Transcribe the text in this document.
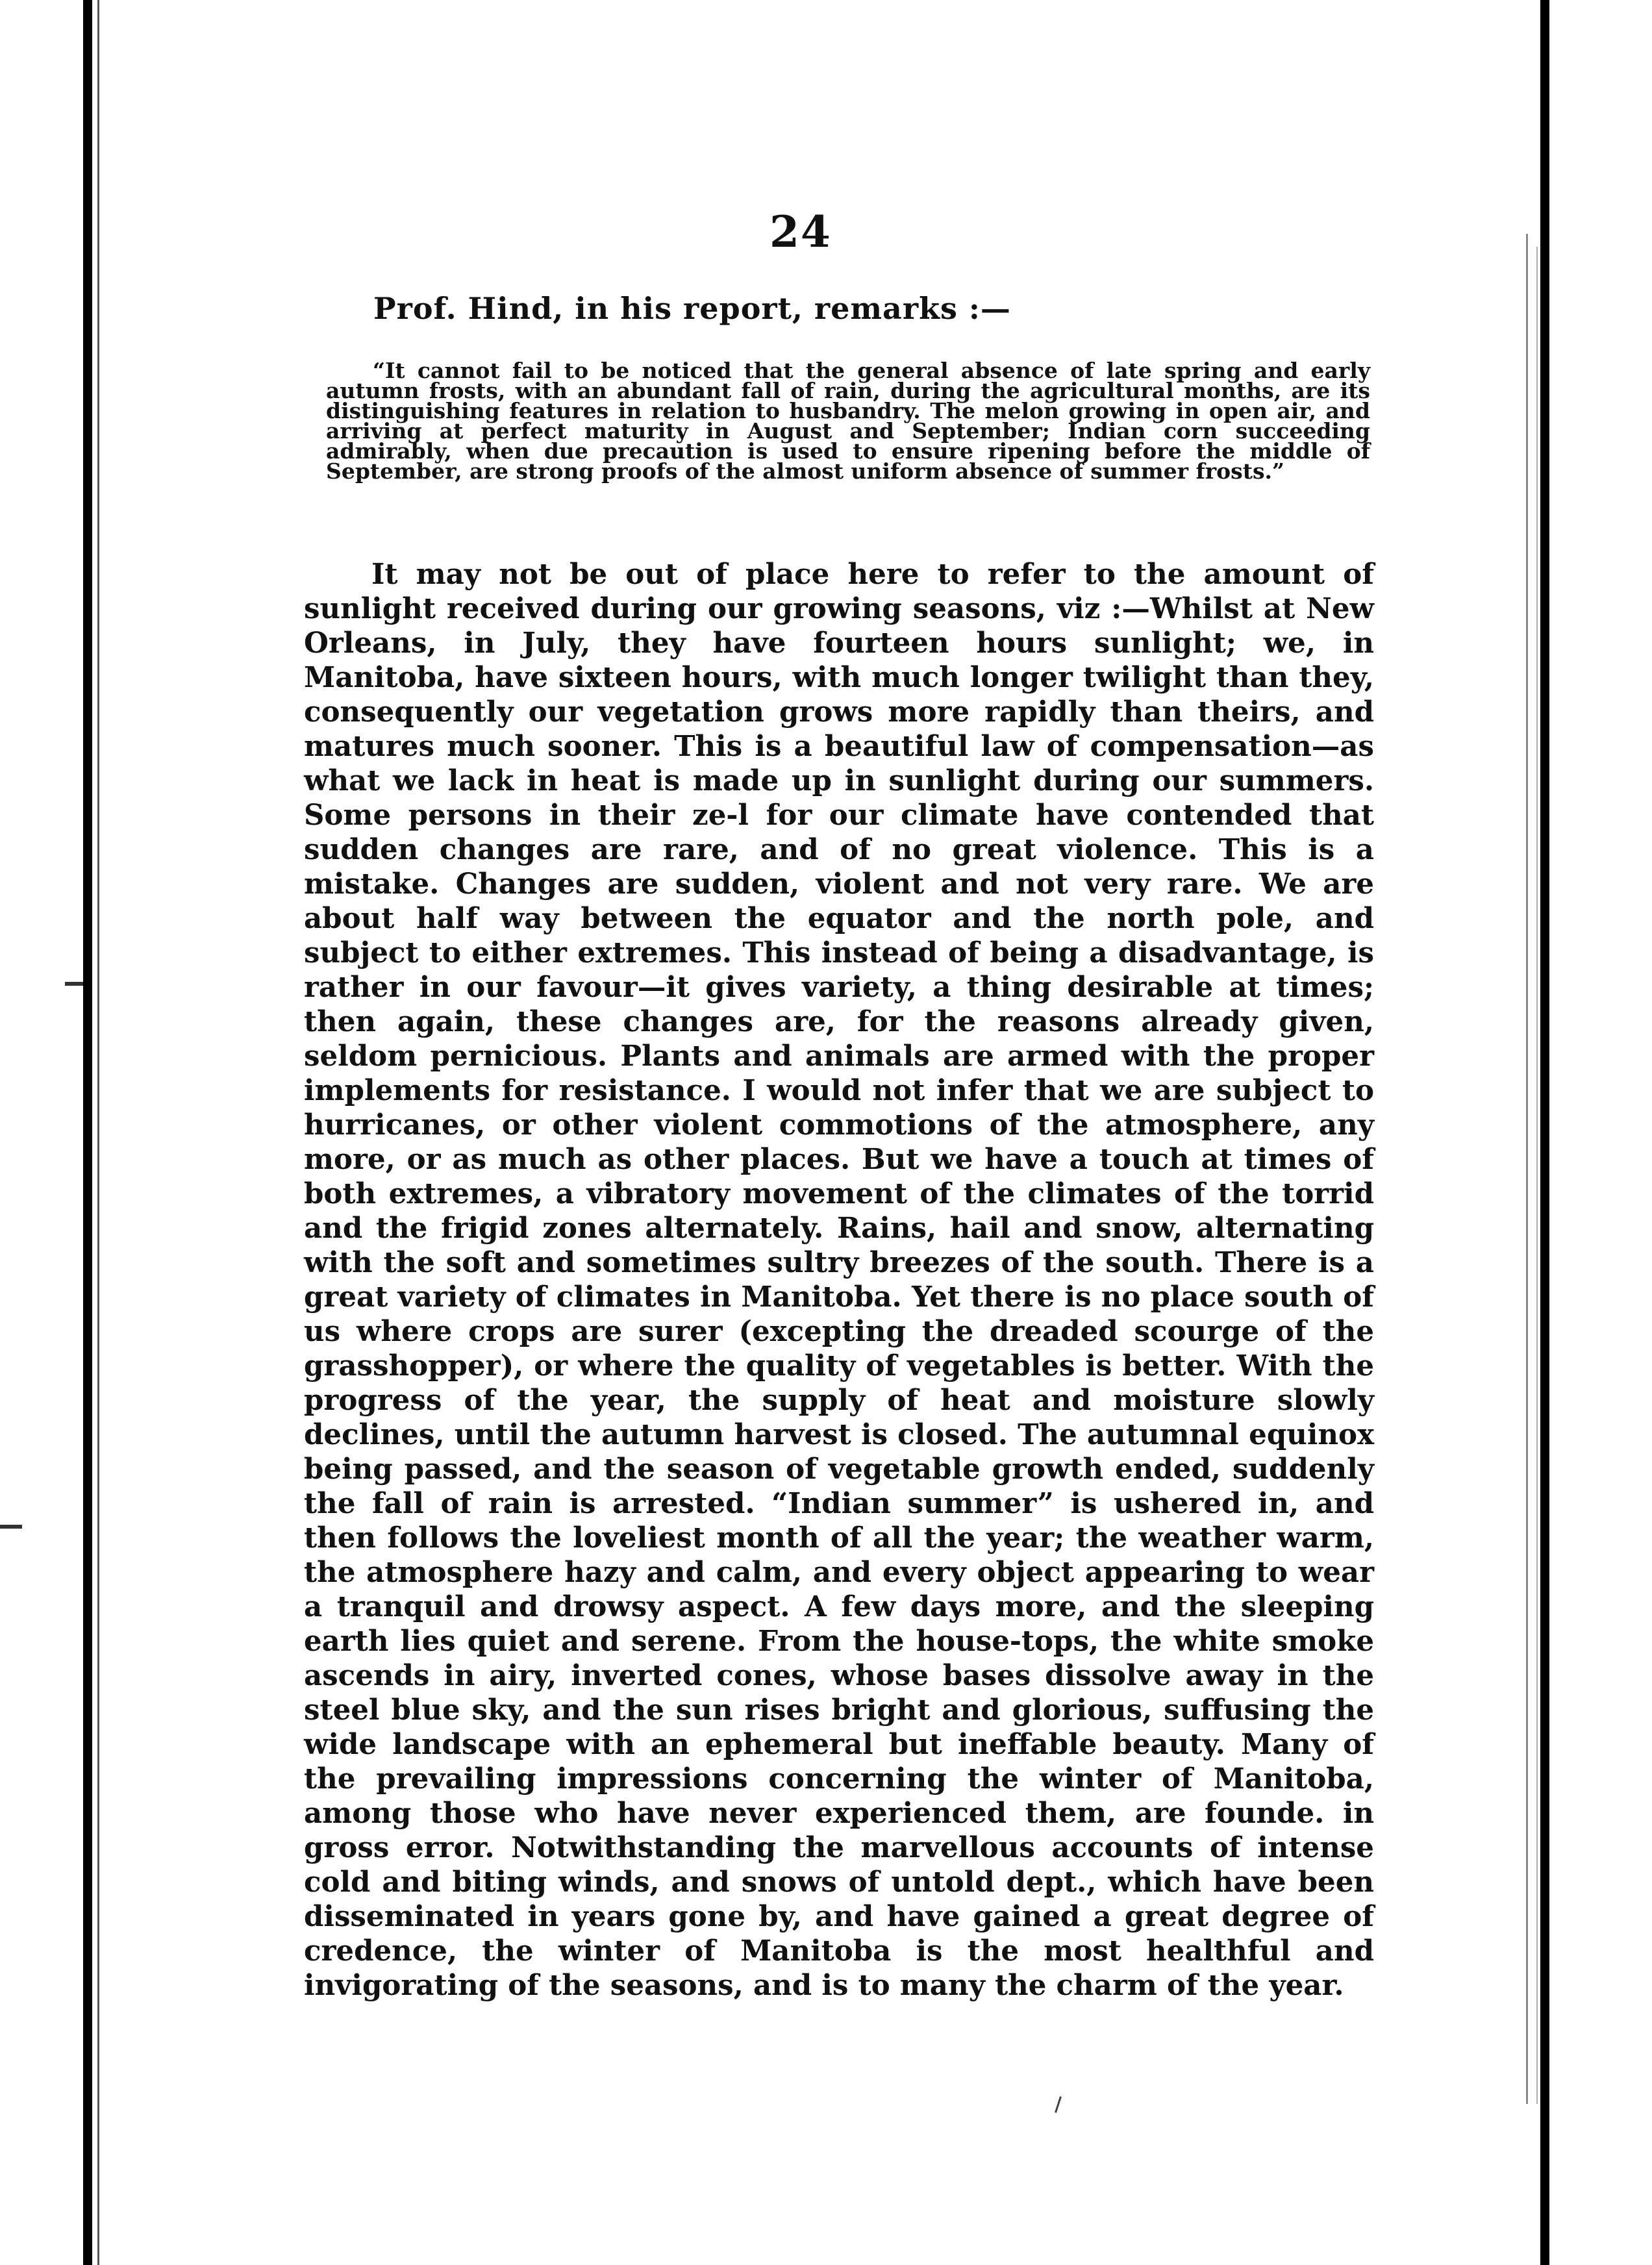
24
Prof. Hind, in his report, remarks :—

“It cannot fail to be noticed that the general absence of late spring and early autumn frosts, with an abundant fall of rain, during the agricultural months, are its distinguishing features in relation to husbandry. The melon growing in open air, and arriving at perfect maturity in August and September; Indian corn succeeding admirably, when due precaution is used to ensure ripening before the middle of September, are strong proofs of the almost uniform absence of summer frosts.”

It may not be out of place here to refer to the amount of sunlight received during our growing seasons, viz :—Whilst at New Orleans, in July, they have fourteen hours sunlight; we, in Manitoba, have sixteen hours, with much longer twilight than they, consequently our vegetation grows more rapidly than theirs, and matures much sooner. This is a beautiful law of compensation—as what we lack in heat is made up in sunlight during our summers. Some persons in their ze-l for our climate have contended that sudden changes are rare, and of no great violence. This is a mistake. Changes are sudden, violent and not very rare. We are about half way between the equator and the north pole, and subject to either extremes. This instead of being a disadvantage, is rather in our favour—it gives variety, a thing desirable at times; then again, these changes are, for the reasons already given, seldom pernicious. Plants and animals are armed with the proper implements for resistance. I would not infer that we are subject to hurricanes, or other violent commotions of the atmosphere, any more, or as much as other places. But we have a touch at times of both extremes, a vibratory movement of the climates of the torrid and the frigid zones alternately. Rains, hail and snow, alternating with the soft and sometimes sultry breezes of the south. There is a great variety of climates in Manitoba. Yet there is no place south of us where crops are surer (excepting the dreaded scourge of the grasshopper), or where the quality of vegetables is better. With the progress of the year, the supply of heat and moisture slowly declines, until the autumn harvest is closed. The autumnal equinox being passed, and the season of vegetable growth ended, suddenly the fall of rain is arrested. “Indian summer” is ushered in, and then follows the loveliest month of all the year; the weather warm, the atmosphere hazy and calm, and every object appearing to wear a tranquil and drowsy aspect. A few days more, and the sleeping earth lies quiet and serene. From the house-tops, the white smoke ascends in airy, inverted cones, whose bases dissolve away in the steel blue sky, and the sun rises bright and glorious, suffusing the wide landscape with an ephemeral but ineffable beauty. Many of the prevailing impressions concerning the winter of Manitoba, among those who have never experienced them, are founde. in gross error. Notwithstanding the marvellous accounts of intense cold and biting winds, and snows of untold dept., which have been disseminated in years gone by, and have gained a great degree of credence, the winter of Manitoba is the most healthful and invigorating of the seasons, and is to many the charm of the year.
